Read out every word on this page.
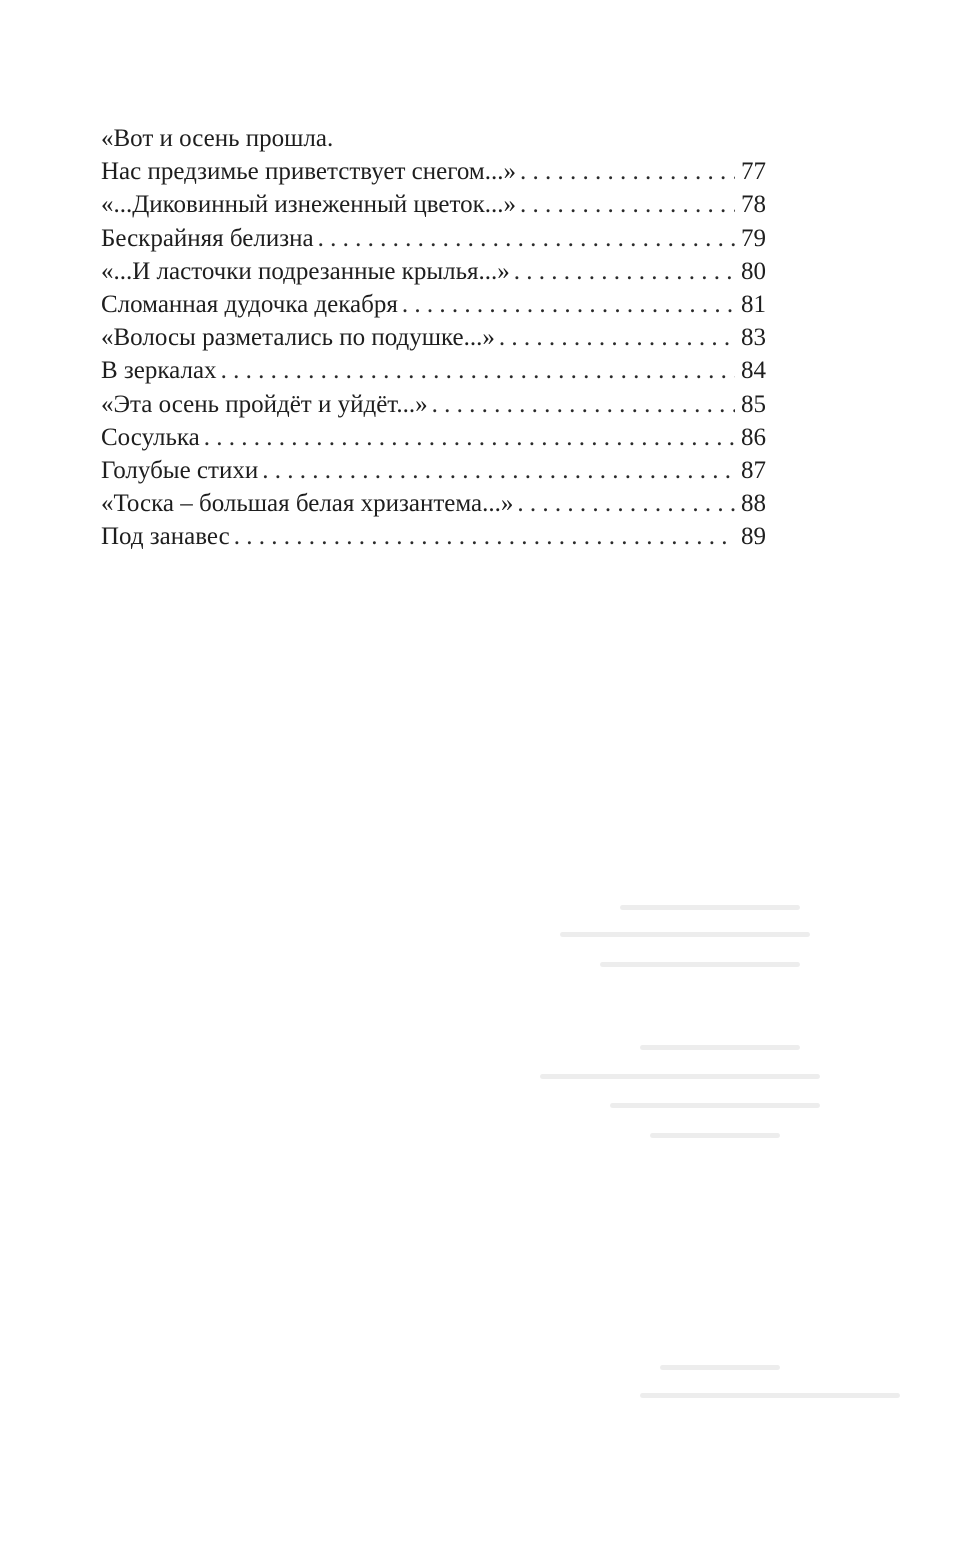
«Вот и осень прошла.
Нас предзимье приветствует снегом...» . . .	77
«...Диковинный изнеженный цветок...» . . .	78
Бескрайняя белизна . . .	79
«...И ласточки подрезанные крылья...» . . .	80
Сломанная дудочка декабря . . .	81
«Волосы разметались по подушке...» . . .	83
В зеркалах . . .	84
«Эта осень пройдёт и уйдёт...» . . .	85
Сосулька . . .	86
Голубые стихи . . .	87
«Тоска – большая белая хризантема...» . . .	88
Под занавес . . .	89
